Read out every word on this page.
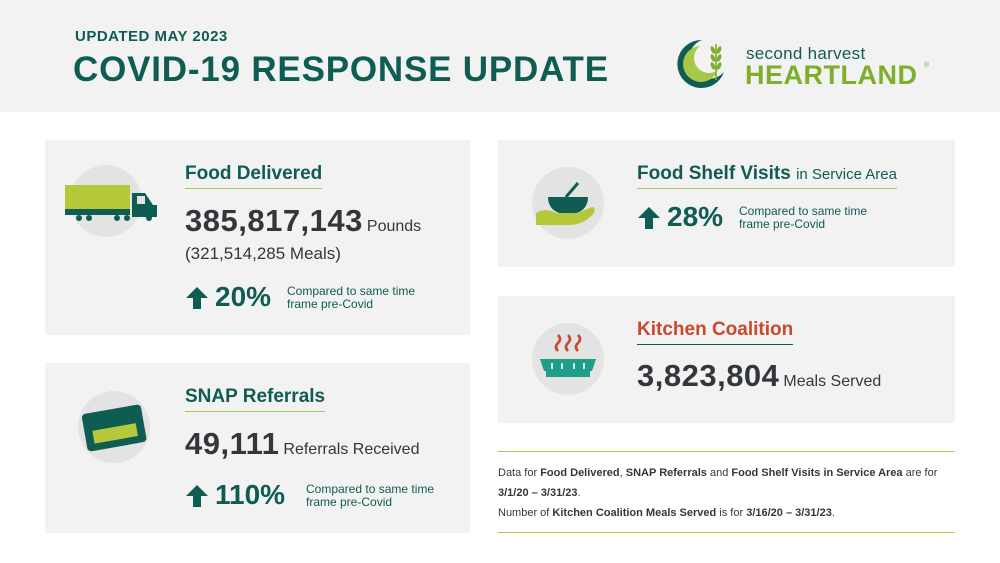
UPDATED MAY 2023
COVID-19 RESPONSE UPDATE	second harvest
HEARTLAND ®
Food Delivered
385,817,143 Pounds
(321,514,285 Meals)
20% Compared to same time frame pre-Covid
SNAP Referrals
49,111 Referrals Received
110% Compared to same time frame pre-Covid
Food Shelf Visits in Service Area
28% Compared to same time frame pre-Covid
Kitchen Coalition
3,823,804 Meals Served
Data for Food Delivered, SNAP Referrals and Food Shelf Visits in Service Area are for 3/1/20 – 3/31/23.
Number of Kitchen Coalition Meals Served is for 3/16/20 – 3/31/23.
